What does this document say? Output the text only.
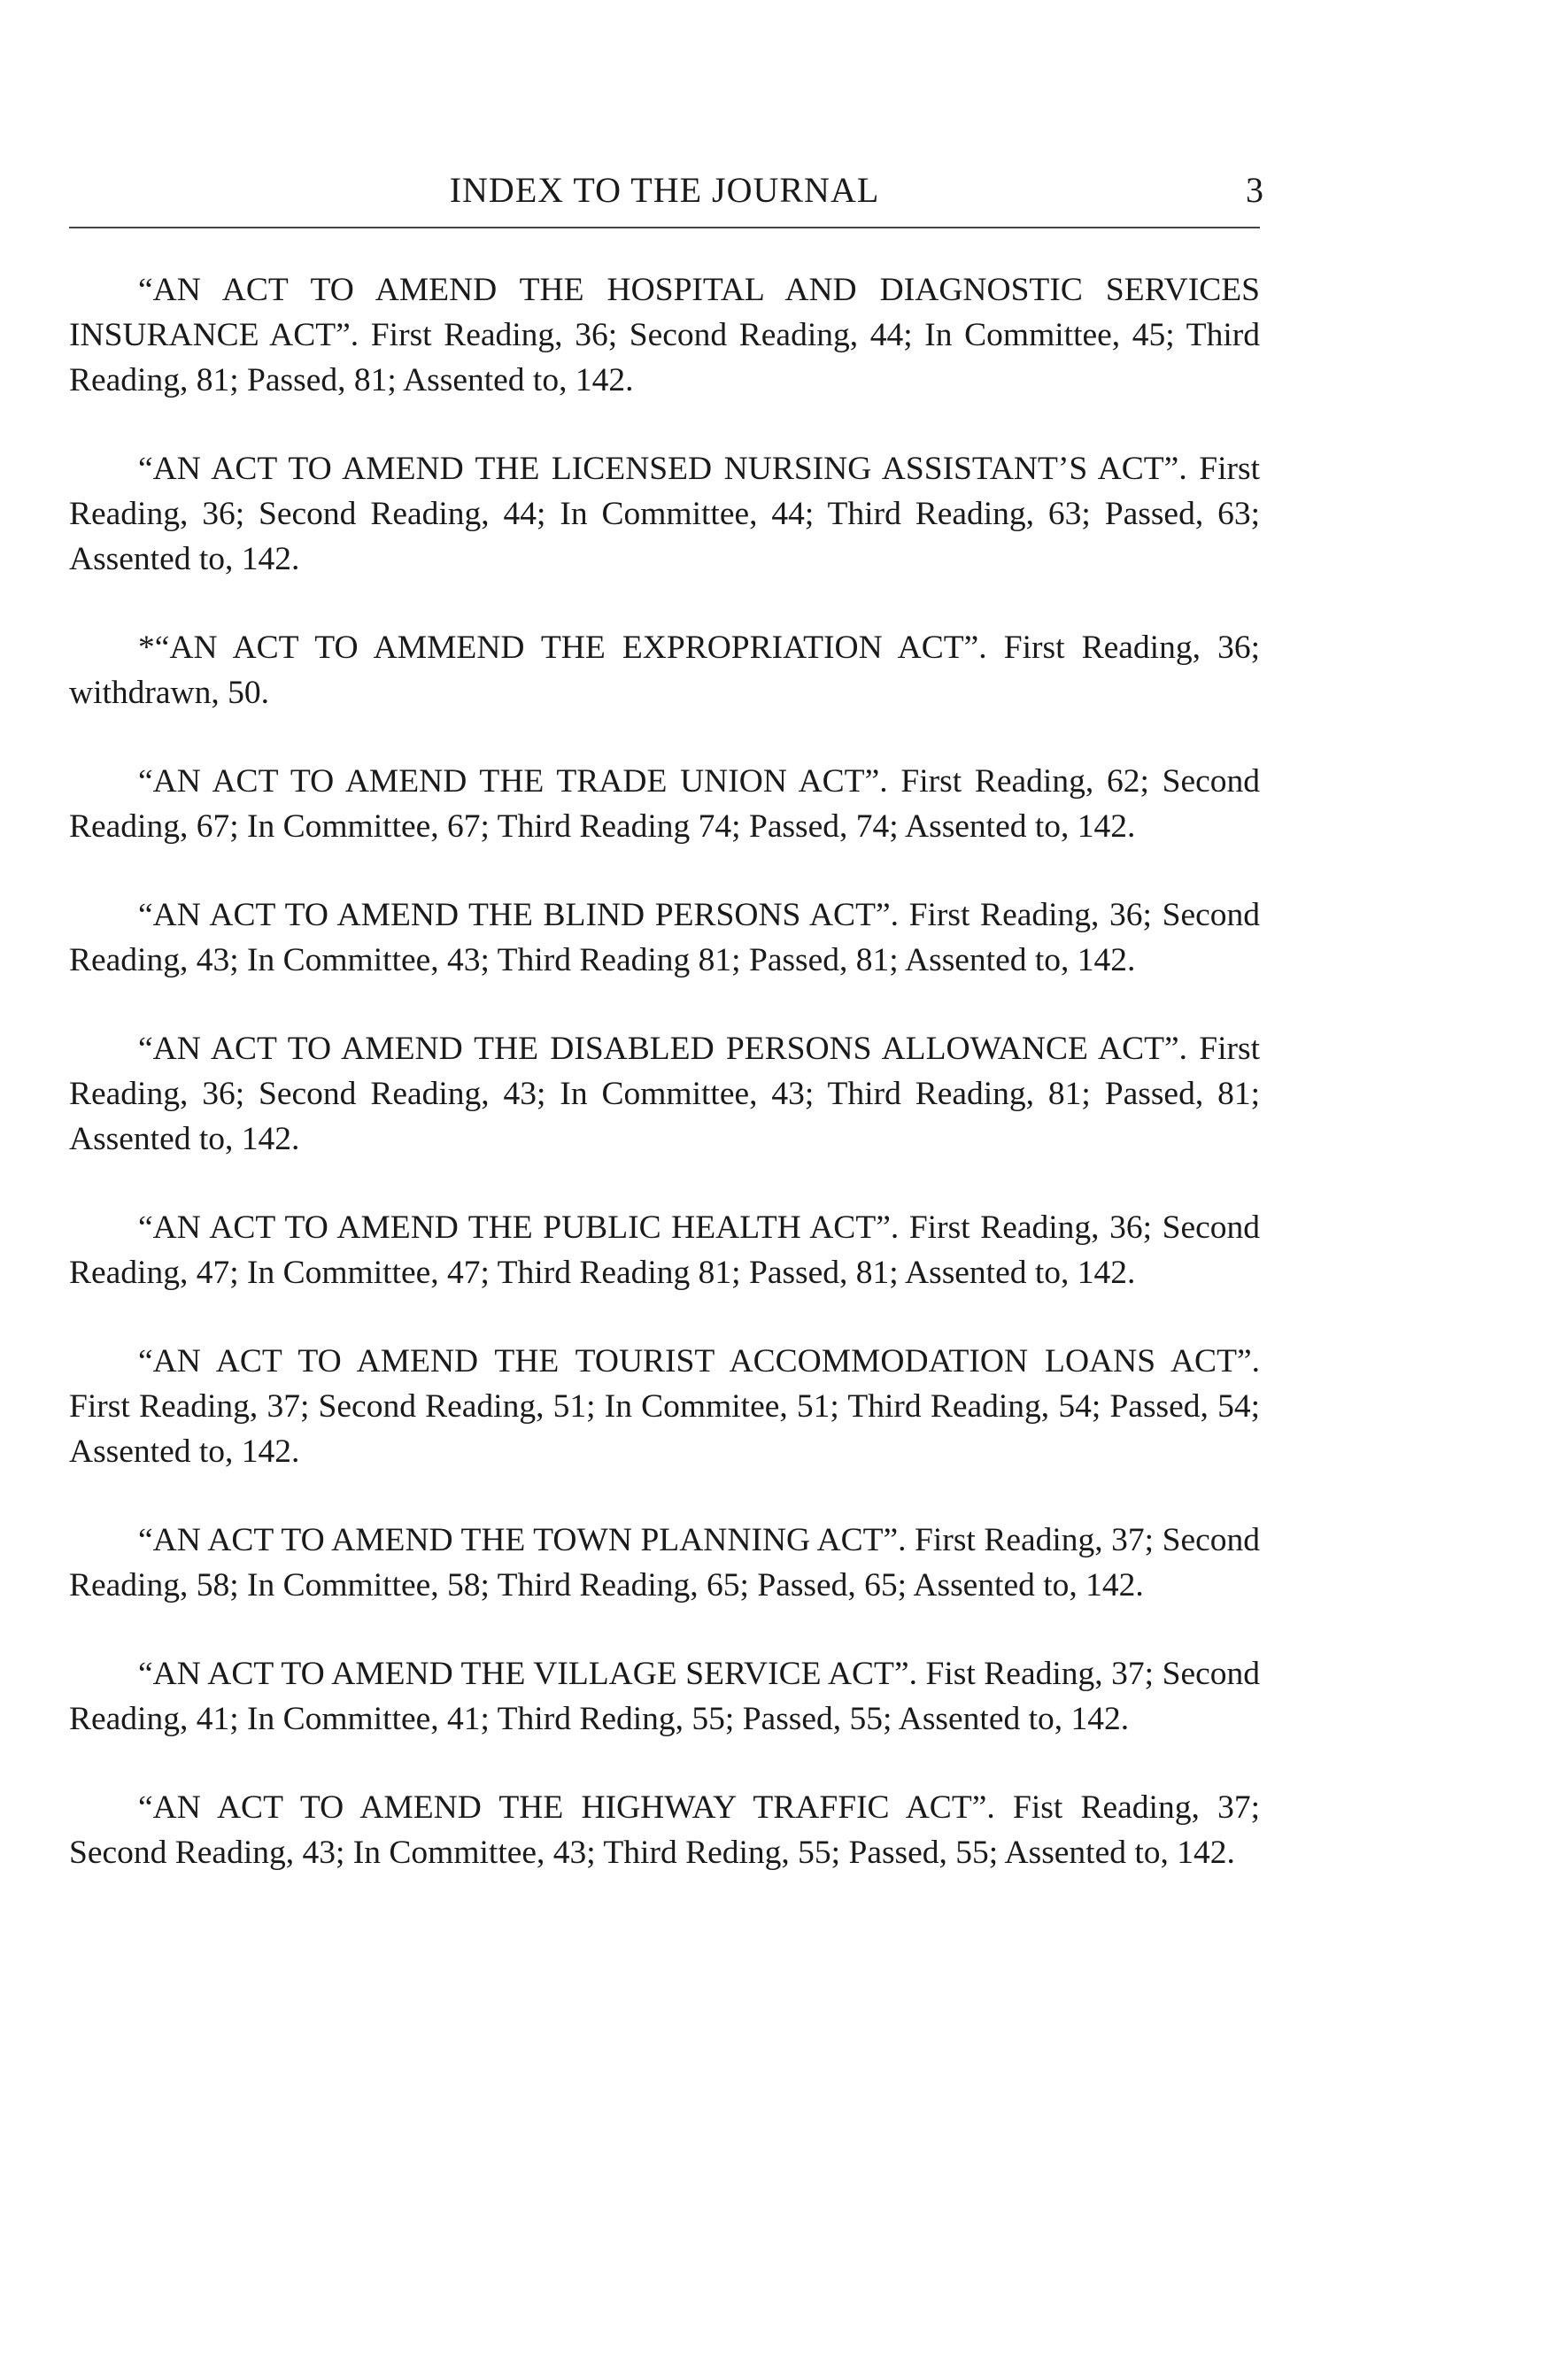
INDEX TO THE JOURNAL	3

“AN ACT TO AMEND THE HOSPITAL AND DIAGNOSTIC SERVICES INSURANCE ACT”. First Reading, 36; Second Reading, 44; In Committee, 45; Third Reading, 81; Passed, 81; Assented to, 142.

“AN ACT TO AMEND THE LICENSED NURSING ASSISTANT’S ACT”. First Reading, 36; Second Reading, 44; In Committee, 44; Third Reading, 63; Passed, 63; Assented to, 142.

*“AN ACT TO AMMEND THE EXPROPRIATION ACT”. First Reading, 36; withdrawn, 50.

“AN ACT TO AMEND THE TRADE UNION ACT”. First Reading, 62; Second Reading, 67; In Committee, 67; Third Reading 74; Passed, 74; Assented to, 142.

“AN ACT TO AMEND THE BLIND PERSONS ACT”. First Reading, 36; Second Reading, 43; In Committee, 43; Third Reading 81; Passed, 81; Assented to, 142.

“AN ACT TO AMEND THE DISABLED PERSONS ALLOWANCE ACT”. First Reading, 36; Second Reading, 43; In Committee, 43; Third Reading, 81; Passed, 81; Assented to, 142.

“AN ACT TO AMEND THE PUBLIC HEALTH ACT”. First Reading, 36; Second Reading, 47; In Committee, 47; Third Reading 81; Passed, 81; Assented to, 142.

“AN ACT TO AMEND THE TOURIST ACCOMMODATION LOANS ACT”. First Reading, 37; Second Reading, 51; In Commitee, 51; Third Reading, 54; Passed, 54; Assented to, 142.

“AN ACT TO AMEND THE TOWN PLANNING ACT”. First Reading, 37; Second Reading, 58; In Committee, 58; Third Reading, 65; Passed, 65; Assented to, 142.

“AN ACT TO AMEND THE VILLAGE SERVICE ACT”. Fist Reading, 37; Second Reading, 41; In Committee, 41; Third Reding, 55; Passed, 55; Assented to, 142.

“AN ACT TO AMEND THE HIGHWAY TRAFFIC ACT”. Fist Reading, 37; Second Reading, 43; In Committee, 43; Third Reding, 55; Passed, 55; Assented to, 142.
